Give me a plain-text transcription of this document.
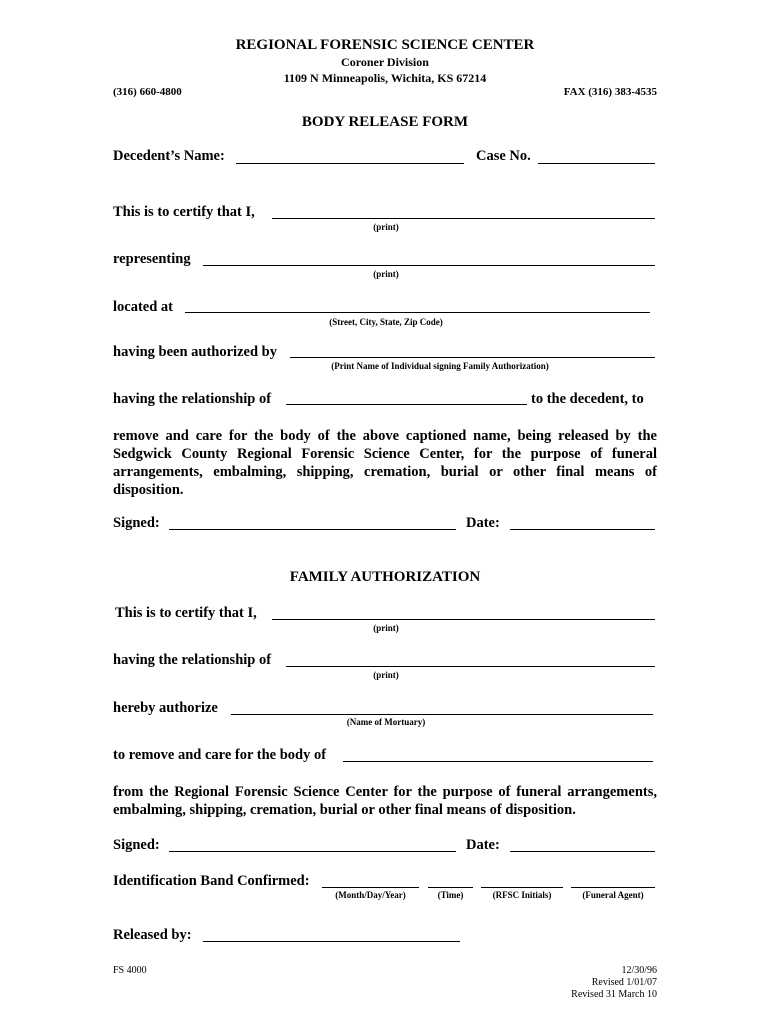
REGIONAL FORENSIC SCIENCE CENTER
Coroner Division
1109 N Minneapolis, Wichita, KS 67214
(316) 660-4800	FAX (316) 383-4535
BODY RELEASE FORM
Decedent’s Name:	Case No.
This is to certify that I,
(print)
representing
(print)
located at
(Street, City, State, Zip Code)
having been authorized by
(Print Name of Individual signing Family Authorization)
having the relationship of	to the decedent, to
remove and care for the body of the above captioned name, being released by the Sedgwick County Regional Forensic Science Center, for the purpose of funeral arrangements, embalming, shipping, cremation, burial or other final means of disposition.
Signed:	Date:
FAMILY AUTHORIZATION
This is to certify that I,
(print)
having the relationship of
(print)
hereby authorize
(Name of Mortuary)
to remove and care for the body of
from the Regional Forensic Science Center for the purpose of funeral arrangements, embalming, shipping, cremation, burial or other final means of disposition.
Signed:	Date:
Identification Band Confirmed:
(Month/Day/Year)	(Time)	(RFSC Initials)	(Funeral Agent)
Released by:
FS 4000	12/30/96
Revised 1/01/07
Revised 31 March 10
